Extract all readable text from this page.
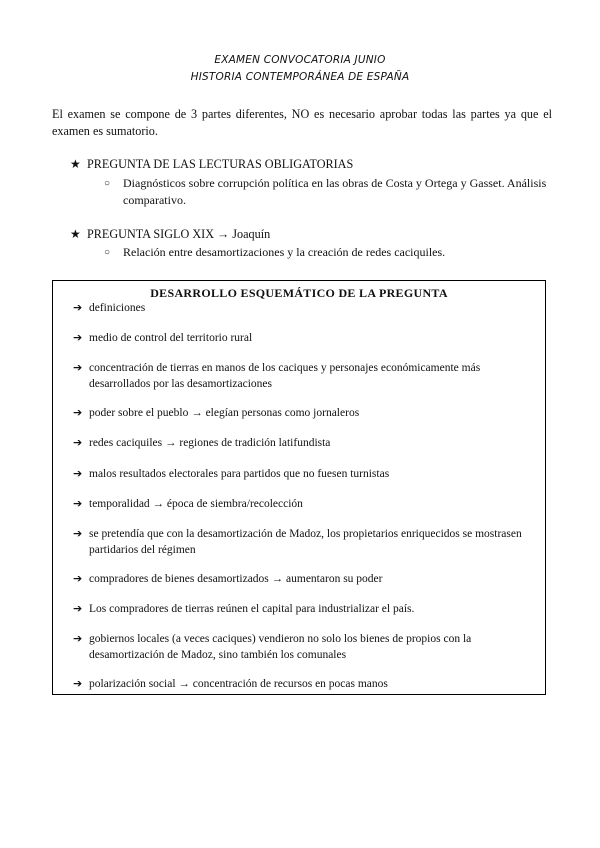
EXAMEN CONVOCATORIA JUNIO
HISTORIA CONTEMPORÁNEA DE ESPAÑA
El examen se compone de 3 partes diferentes, NO es necesario aprobar todas las partes ya que el examen es sumatorio.
★ PREGUNTA DE LAS LECTURAS OBLIGATORIAS
○ Diagnósticos sobre corrupción política en las obras de Costa y Ortega y Gasset. Análisis comparativo.
★ PREGUNTA SIGLO XIX → Joaquín
○ Relación entre desamortizaciones y la creación de redes caciquiles.
DESARROLLO ESQUEMÁTICO DE LA PREGUNTA
➔ definiciones
➔ medio de control del territorio rural
➔ concentración de tierras en manos de los caciques y personajes económicamente más desarrollados por las desamortizaciones
➔ poder sobre el pueblo → elegían personas como jornaleros
➔ redes caciquiles → regiones de tradición latifundista
➔ malos resultados electorales para partidos que no fuesen turnistas
➔ temporalidad → época de siembra/recolección
➔ se pretendía que con la desamortización de Madoz, los propietarios enriquecidos se mostrasen partidarios del régimen
➔ compradores de bienes desamortizados → aumentaron su poder
➔ Los compradores de tierras reúnen el capital para industrializar el país.
➔ gobiernos locales (a veces caciques) vendieron no solo los bienes de propios con la desamortización de Madoz, sino también los comunales
➔ polarización social → concentración de recursos en pocas manos
